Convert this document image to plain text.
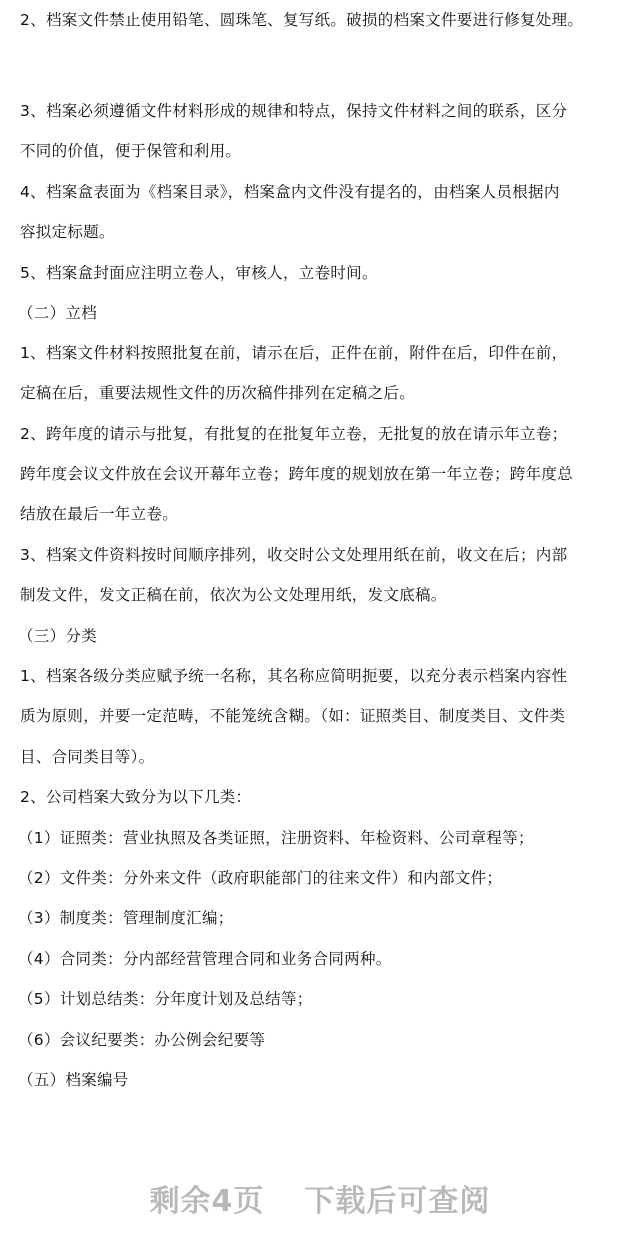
2、档案文件禁止使用铅笔、圆珠笔、复写纸。破损的档案文件要进行修复处理。
3、档案必须遵循文件材料形成的规律和特点，保持文件材料之间的联系，区分
不同的价值，便于保管和利用。
4、档案盒表面为《档案目录》，档案盒内文件没有提名的，由档案人员根据内
容拟定标题。
5、档案盒封面应注明立卷人，审核人，立卷时间。
（二）立档
1、档案文件材料按照批复在前，请示在后，正件在前，附件在后，印件在前，
定稿在后，重要法规性文件的历次稿件排列在定稿之后。
2、跨年度的请示与批复，有批复的在批复年立卷，无批复的放在请示年立卷；
跨年度会议文件放在会议开幕年立卷；跨年度的规划放在第一年立卷；跨年度总
结放在最后一年立卷。
3、档案文件资料按时间顺序排列，收交时公文处理用纸在前，收文在后；内部
制发文件，发文正稿在前，依次为公文处理用纸，发文底稿。
（三）分类
1、档案各级分类应赋予统一名称，其名称应简明扼要，以充分表示档案内容性
质为原则，并要一定范畴，不能笼统含糊。（如：证照类目、制度类目、文件类
目、合同类目等）。
2、公司档案大致分为以下几类：
（1）证照类：营业执照及各类证照，注册资料、年检资料、公司章程等；
（2）文件类：分外来文件（政府职能部门的往来文件）和内部文件；
（3）制度类：管理制度汇编；
（4）合同类：分内部经营管理合同和业务合同两种。
（5）计划总结类：分年度计划及总结等；
（6）会议纪要类：办公例会纪要等
（五）档案编号
剩余4页 下载后可查阅
